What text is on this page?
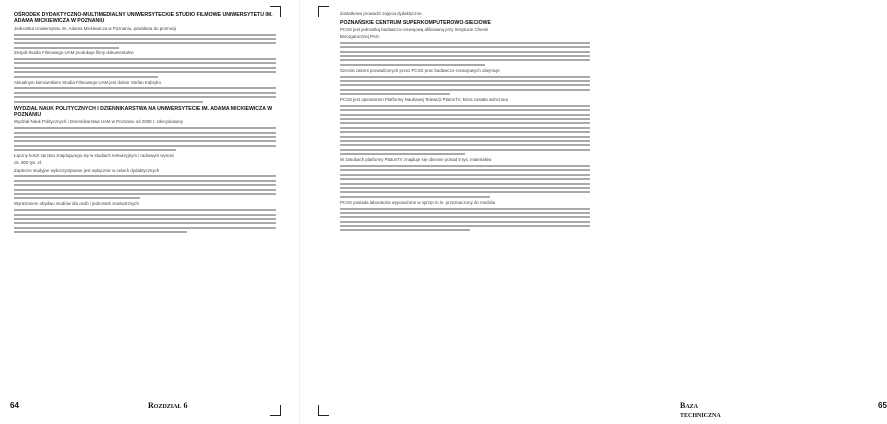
OŚRODEK DYDAKTYCZNO-MULTIMEDIALNY UNIWERSYTECKIE STUDIO FILMOWE UNIWERSYTETU IM. ADAMA MICKIEWICZA W POZNANIU
Jednostka Uniwersytetu im. Adama Mickiewicza w Poznaniu, powołana do promocji
Zespół Studia Filmowego UAM produkuje filmy dokumentalne
Aktualnym kierownikiem Studia Filmowego UAM jest doktor Stefan Kabryko
WYDZIAŁ NAUK POLITYCZNYCH I DZIENNIKARSTWA NA UNIWERSYTECIE IM. ADAMA MICKIEWICZA W POZNANIU
Wydział Nauk Politycznych i Dziennikarstwa UAM w Poznaniu od 2008 r. zdecydowany
Łączny koszt sprzętu znajdującego się w studiach telewizyjnym i radiowym wynosi
ok. 800 tys. zł.
Zaplecze studyjne wykorzystywane jest wyłącznie w celach dydaktycznych
Wyrażeniem obydwu studiów dla osób i jednostek zewnętrznych
64	Rozdział 6
dostatkowo prowadzi zajęcia dydaktyczne.
POZNAŃSKIE CENTRUM SUPERKOMPUTEROWO-SIECIOWE
PCSS jest jednostką badawczo-rozwojową afiliowaną przy Instytucie Chemii
Bioorganicznej PAN
Szeroki zakres prowadzonych przez PCSS prac badawczo-rozwojowych obejmuje
PCSS jest operatorem Platformy Naukowej Telewizji PlatonTV, która została wdrożona
W zasobach platformy PlatonTV znajduje się obecnie ponad 5 tys. materiałów
PCSS posiada laboratoria wyposażone w sprzęt m.in. przeznaczony do mediów
Baza techniczna
65
